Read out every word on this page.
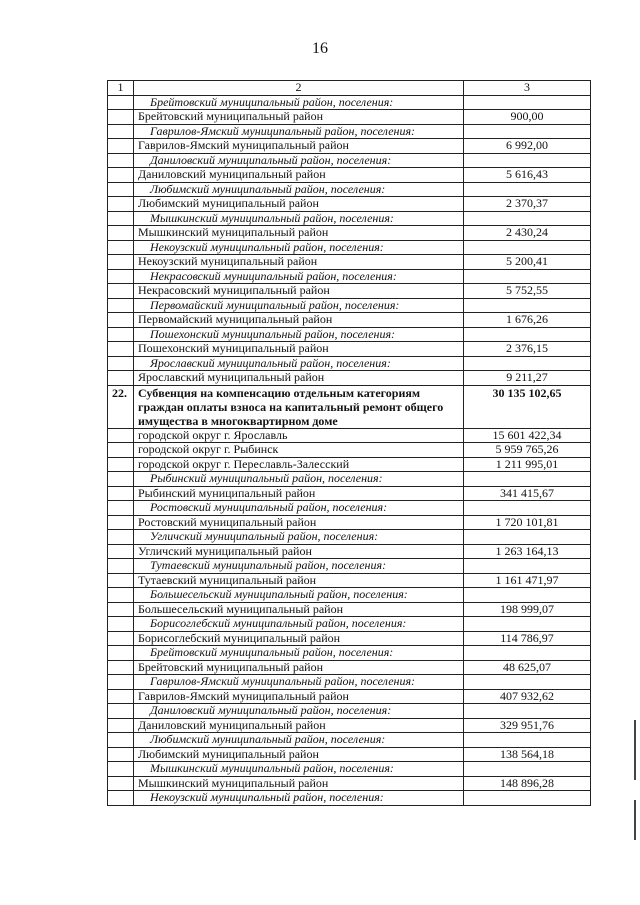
16
1	2	3
	Брейтовский муниципальный район, поселения:	
	Брейтовский муниципальный район	900,00
	Гаврилов-Ямский муниципальный район, поселения:	
	Гаврилов-Ямский муниципальный район	6 992,00
	Даниловский муниципальный район, поселения:	
	Даниловский муниципальный район	5 616,43
	Любимский муниципальный район, поселения:	
	Любимский муниципальный район	2 370,37
	Мышкинский муниципальный район, поселения:	
	Мышкинский муниципальный район	2 430,24
	Некоузский муниципальный район, поселения:	
	Некоузский муниципальный район	5 200,41
	Некрасовский муниципальный район, поселения:	
	Некрасовский муниципальный район	5 752,55
	Первомайский муниципальный район, поселения:	
	Первомайский муниципальный район	1 676,26
	Пошехонский муниципальный район, поселения:	
	Пошехонский муниципальный район	2 376,15
	Ярославский муниципальный район, поселения:	
	Ярославский муниципальный район	9 211,27
22.	Субвенция на компенсацию отдельным категориям граждан оплаты взноса на капитальный ремонт общего имущества в многоквартирном доме	30 135 102,65
	городской округ г. Ярославль	15 601 422,34
	городской округ г. Рыбинск	5 959 765,26
	городской округ г. Переславль-Залесский	1 211 995,01
	Рыбинский муниципальный район, поселения:	
	Рыбинский муниципальный район	341 415,67
	Ростовский муниципальный район, поселения:	
	Ростовский муниципальный район	1 720 101,81
	Угличский муниципальный район, поселения:	
	Угличский муниципальный район	1 263 164,13
	Тутаевский муниципальный район, поселения:	
	Тутаевский муниципальный район	1 161 471,97
	Большесельский муниципальный район, поселения:	
	Большесельский муниципальный район	198 999,07
	Борисоглебский муниципальный район, поселения:	
	Борисоглебский муниципальный район	114 786,97
	Брейтовский муниципальный район, поселения:	
	Брейтовский муниципальный район	48 625,07
	Гаврилов-Ямский муниципальный район, поселения:	
	Гаврилов-Ямский муниципальный район	407 932,62
	Даниловский муниципальный район, поселения:	
	Даниловский муниципальный район	329 951,76
	Любимский муниципальный район, поселения:	
	Любимский муниципальный район	138 564,18
	Мышкинский муниципальный район, поселения:	
	Мышкинский муниципальный район	148 896,28
	Некоузский муниципальный район, поселения:	
